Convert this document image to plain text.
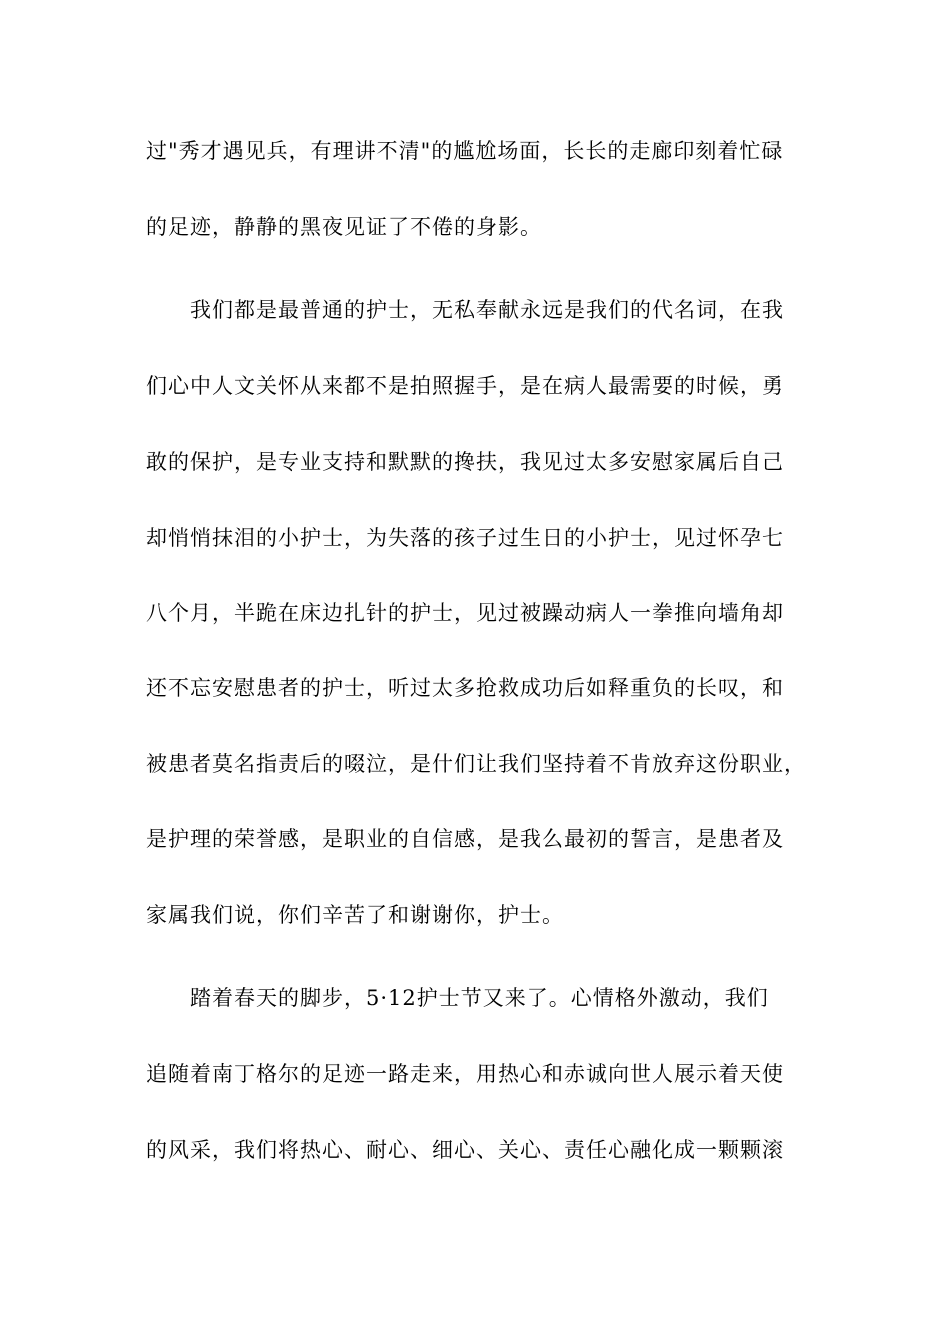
过"秀才遇见兵，有理讲不清"的尴尬场面，长长的走廊印刻着忙碌
的足迹，静静的黑夜见证了不倦的身影。
我们都是最普通的护士，无私奉献永远是我们的代名词，在我
们心中人文关怀从来都不是拍照握手，是在病人最需要的时候，勇
敢的保护，是专业支持和默默的搀扶，我见过太多安慰家属后自己
却悄悄抹泪的小护士，为失落的孩子过生日的小护士，见过怀孕七
八个月，半跪在床边扎针的护士，见过被躁动病人一拳推向墙角却
还不忘安慰患者的护士，听过太多抢救成功后如释重负的长叹，和
被患者莫名指责后的啜泣，是什们让我们坚持着不肯放弃这份职业，
是护理的荣誉感，是职业的自信感，是我么最初的誓言，是患者及
家属我们说，你们辛苦了和谢谢你，护士。
踏着春天的脚步，5·12护士节又来了。心情格外激动，我们
追随着南丁格尔的足迹一路走来，用热心和赤诚向世人展示着天使
的风采，我们将热心、耐心、细心、关心、责任心融化成一颗颗滚
